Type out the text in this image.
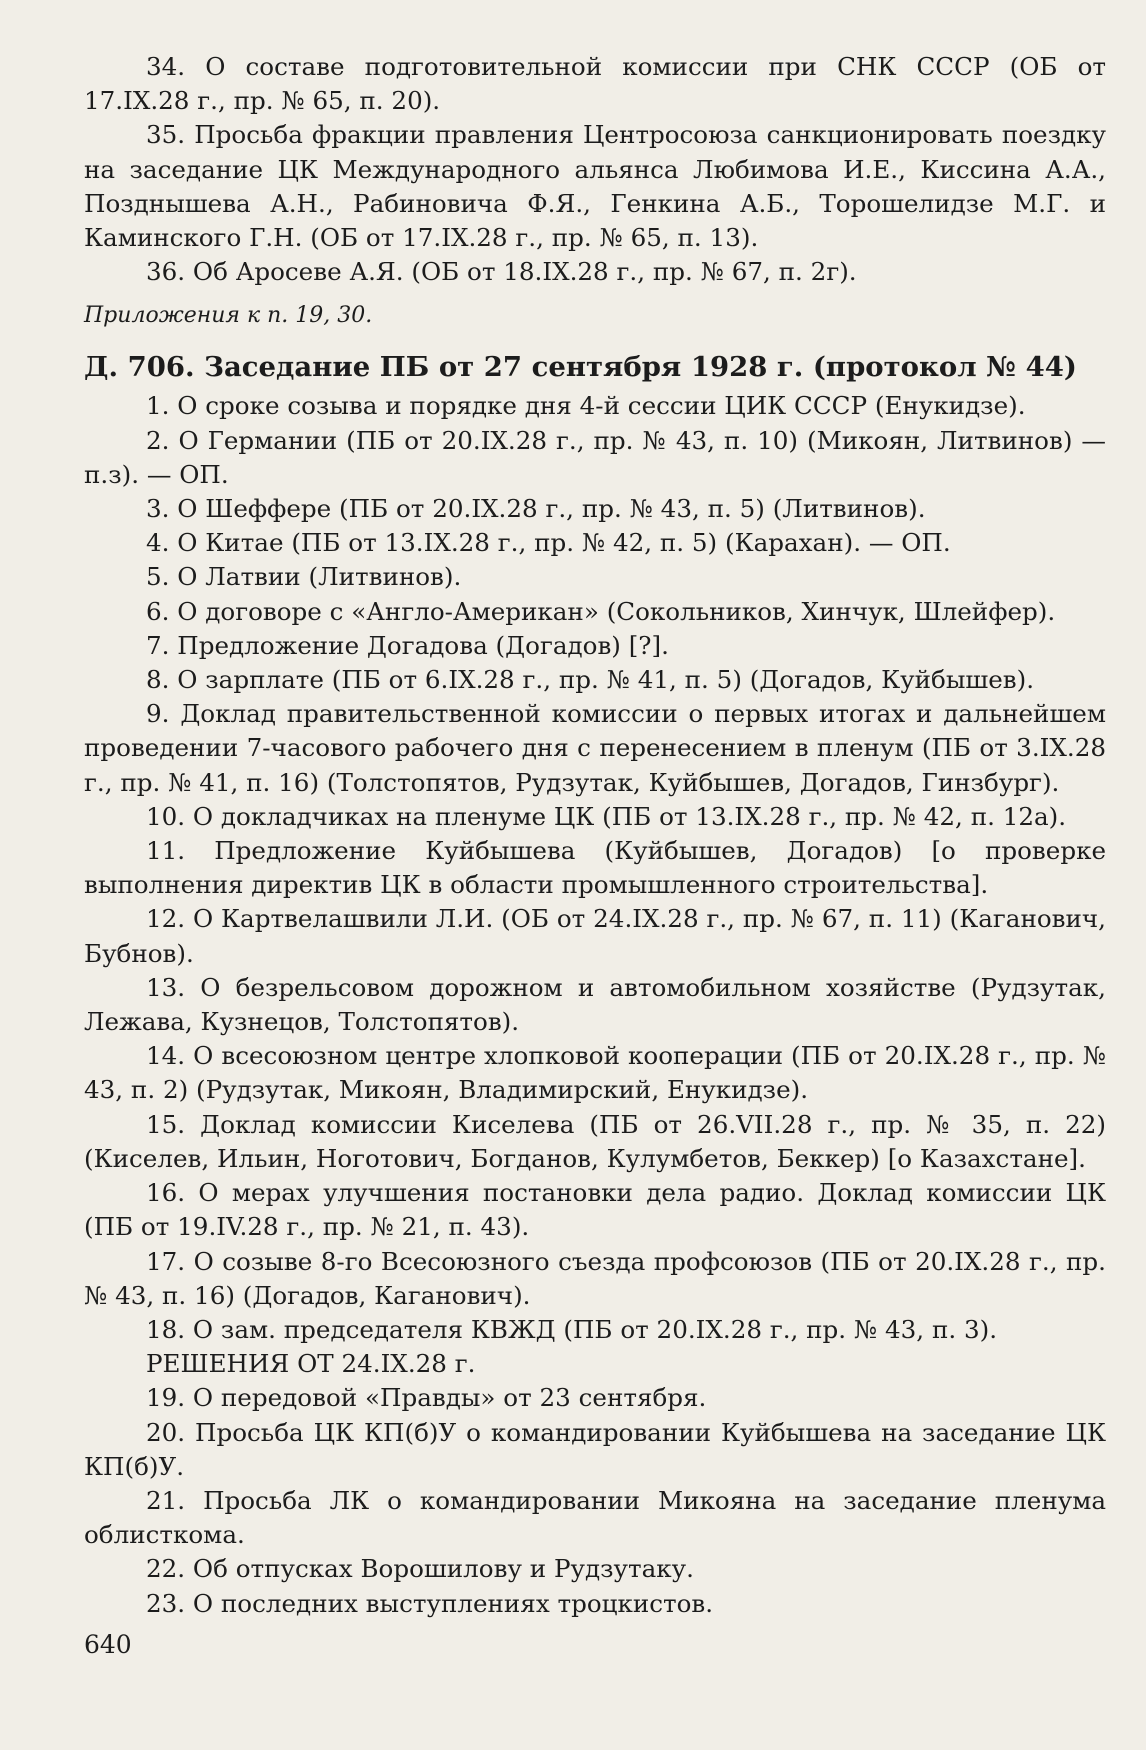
34. О составе подготовительной комиссии при СНК СССР (ОБ от 17.IX.28 г., пр. № 65, п. 20).

35. Просьба фракции правления Центросоюза санкционировать поездку на заседание ЦК Международного альянса Любимова И.Е., Киссина А.А., Позднышева А.Н., Рабиновича Ф.Я., Генкина А.Б., Торошелидзе М.Г. и Каминского Г.Н. (ОБ от 17.IX.28 г., пр. № 65, п. 13).

36. Об Аросеве А.Я. (ОБ от 18.IX.28 г., пр. № 67, п. 2г).

Приложения к п. 19, 30.

Д. 706. Заседание ПБ от 27 сентября 1928 г. (протокол № 44)

1. О сроке созыва и порядке дня 4-й сессии ЦИК СССР (Енукидзе).

2. О Германии (ПБ от 20.IX.28 г., пр. № 43, п. 10) (Микоян, Литвинов) — п.з). — ОП.

3. О Шеффере (ПБ от 20.IX.28 г., пр. № 43, п. 5) (Литвинов).

4. О Китае (ПБ от 13.IX.28 г., пр. № 42, п. 5) (Карахан). — ОП.

5. О Латвии (Литвинов).

6. О договоре с «Англо-Американ» (Сокольников, Хинчук, Шлейфер).

7. Предложение Догадова (Догадов) [?].

8. О зарплате (ПБ от 6.IX.28 г., пр. № 41, п. 5) (Догадов, Куйбышев).

9. Доклад правительственной комиссии о первых итогах и дальнейшем проведении 7-часового рабочего дня с перенесением в пленум (ПБ от 3.IX.28 г., пр. № 41, п. 16) (Толстопятов, Рудзутак, Куйбышев, Догадов, Гинзбург).

10. О докладчиках на пленуме ЦК (ПБ от 13.IX.28 г., пр. № 42, п. 12а).

11. Предложение Куйбышева (Куйбышев, Догадов) [о проверке выполнения директив ЦК в области промышленного строительства].

12. О Картвелашвили Л.И. (ОБ от 24.IX.28 г., пр. № 67, п. 11) (Каганович, Бубнов).

13. О безрельсовом дорожном и автомобильном хозяйстве (Рудзутак, Лежава, Кузнецов, Толстопятов).

14. О всесоюзном центре хлопковой кооперации (ПБ от 20.IX.28 г., пр. № 43, п. 2) (Рудзутак, Микоян, Владимирский, Енукидзе).

15. Доклад комиссии Киселева (ПБ от 26.VII.28 г., пр. № 35, п. 22) (Киселев, Ильин, Ноготович, Богданов, Кулумбетов, Беккер) [о Казахстане].

16. О мерах улучшения постановки дела радио. Доклад комиссии ЦК (ПБ от 19.IV.28 г., пр. № 21, п. 43).

17. О созыве 8-го Всесоюзного съезда профсоюзов (ПБ от 20.IX.28 г., пр. № 43, п. 16) (Догадов, Каганович).

18. О зам. председателя КВЖД (ПБ от 20.IX.28 г., пр. № 43, п. 3).

РЕШЕНИЯ ОТ 24.IX.28 г.

19. О передовой «Правды» от 23 сентября.

20. Просьба ЦК КП(б)У о командировании Куйбышева на заседание ЦК КП(б)У.

21. Просьба ЛК о командировании Микояна на заседание пленума облисткома.

22. Об отпусках Ворошилову и Рудзутаку.

23. О последних выступлениях троцкистов.

640
